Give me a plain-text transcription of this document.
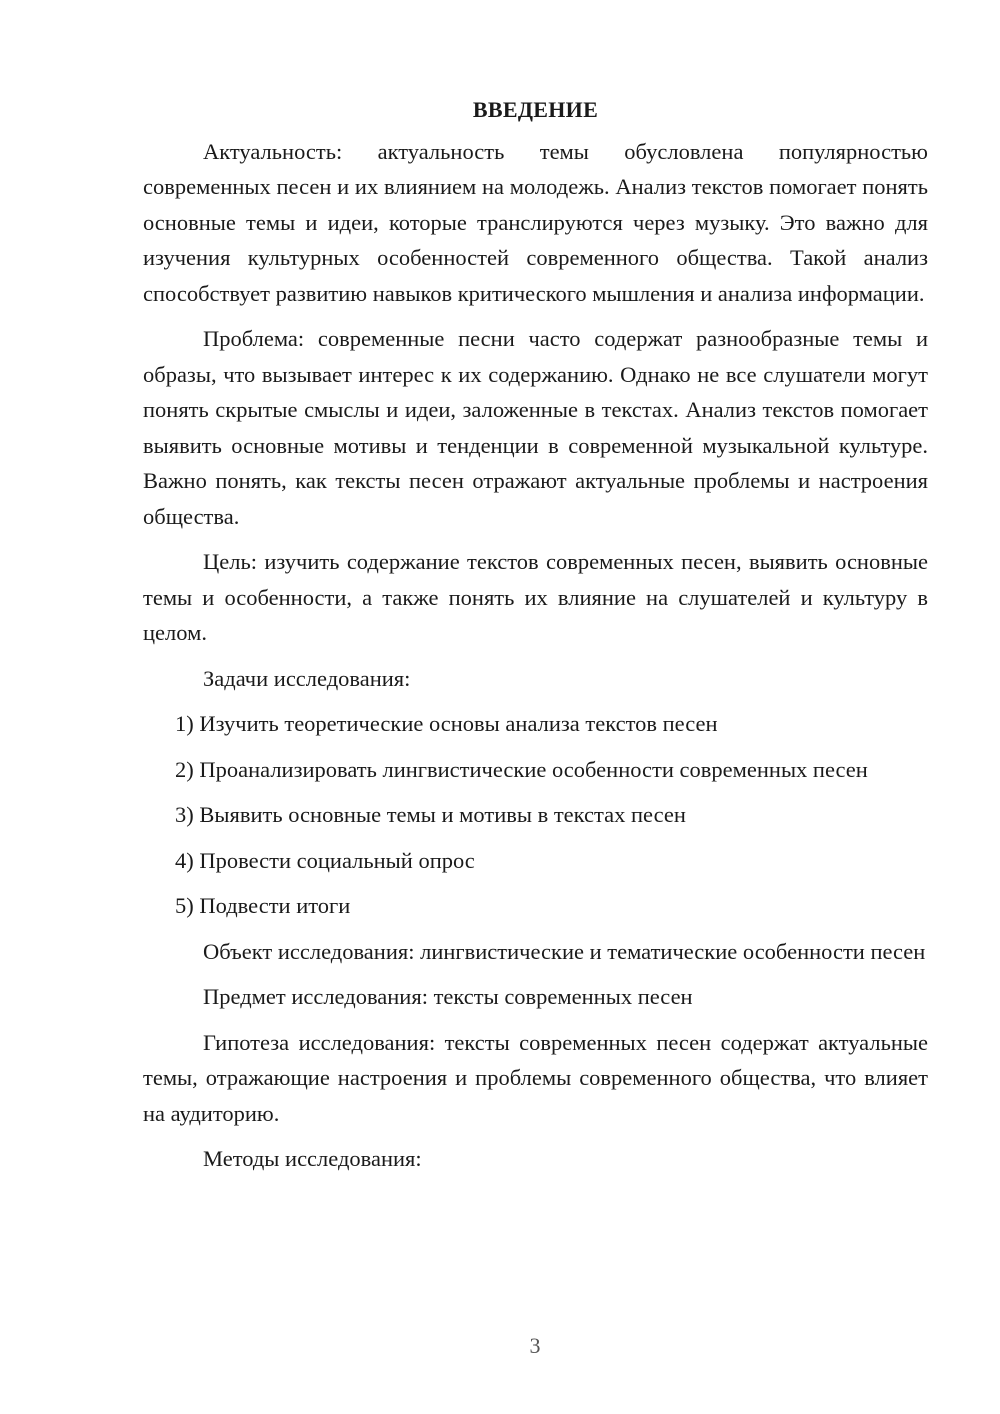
ВВЕДЕНИЕ

Актуальность: актуальность темы обусловлена популярностью современных песен и их влиянием на молодежь. Анализ текстов помогает понять основные темы и идеи, которые транслируются через музыку. Это важно для изучения культурных особенностей современного общества. Такой анализ способствует развитию навыков критического мышления и анализа информации.

Проблема: современные песни часто содержат разнообразные темы и образы, что вызывает интерес к их содержанию. Однако не все слушатели могут понять скрытые смыслы и идеи, заложенные в текстах. Анализ текстов помогает выявить основные мотивы и тенденции в современной музыкальной культуре. Важно понять, как тексты песен отражают актуальные проблемы и настроения общества.

Цель: изучить содержание текстов современных песен, выявить основные темы и особенности, а также понять их влияние на слушателей и культуру в целом.

Задачи исследования:

1) Изучить теоретические основы анализа текстов песен

2) Проанализировать лингвистические особенности современных песен

3) Выявить основные темы и мотивы в текстах песен

4) Провести социальный опрос

5) Подвести итоги

Объект исследования: лингвистические и тематические особенности песен

Предмет исследования: тексты современных песен

Гипотеза исследования: тексты современных песен содержат актуальные темы, отражающие настроения и проблемы современного общества, что влияет на аудиторию.

Методы исследования:

3
